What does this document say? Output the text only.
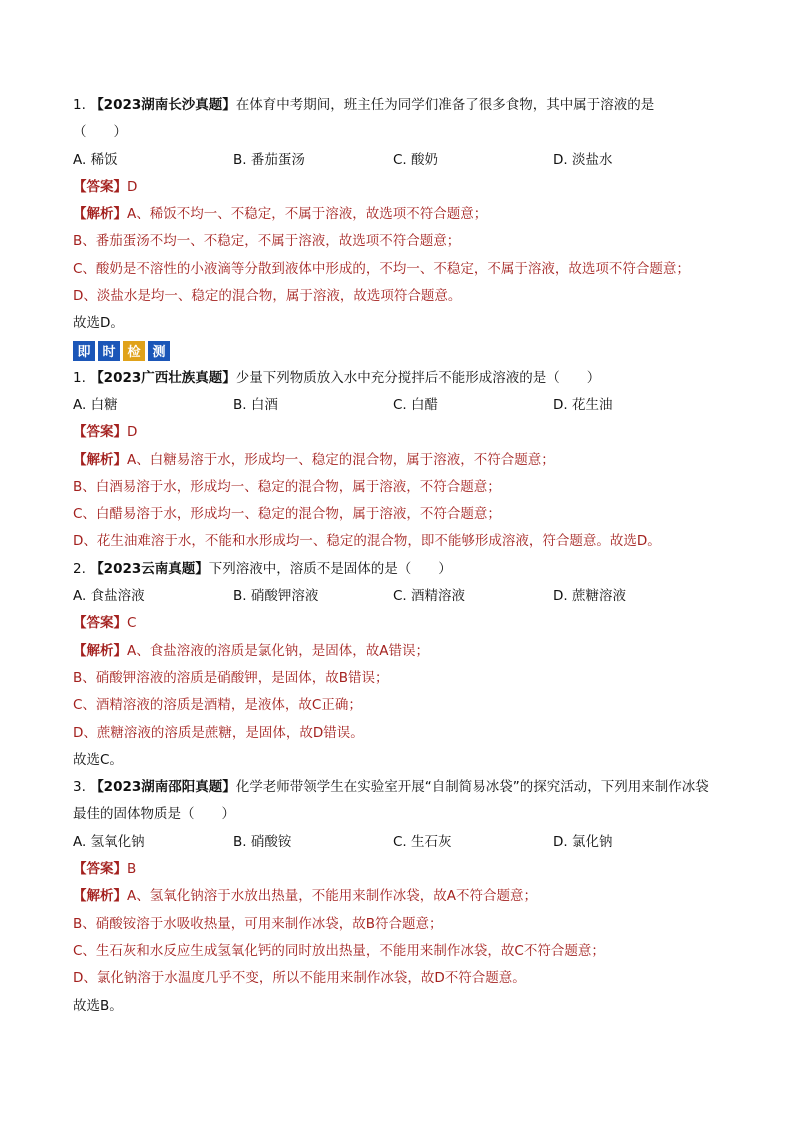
1. 【2023湖南长沙真题】在体育中考期间，班主任为同学们准备了很多食物，其中属于溶液的是
（　　）
A. 稀饭	B. 番茄蛋汤	C. 酸奶	D. 淡盐水
【答案】D
【解析】A、稀饭不均一、不稳定，不属于溶液，故选项不符合题意；
B、番茄蛋汤不均一、不稳定，不属于溶液，故选项不符合题意；
C、酸奶是不溶性的小液滴等分散到液体中形成的，不均一、不稳定，不属于溶液，故选项不符合题意；
D、淡盐水是均一、稳定的混合物，属于溶液，故选项符合题意。
故选D。
即 时 检 测
1. 【2023广西壮族真题】少量下列物质放入水中充分搅拌后不能形成溶液的是（　　）
A. 白糖	B. 白酒	C. 白醋	D. 花生油
【答案】D
【解析】A、白糖易溶于水，形成均一、稳定的混合物，属于溶液，不符合题意；
B、白酒易溶于水，形成均一、稳定的混合物，属于溶液，不符合题意；
C、白醋易溶于水，形成均一、稳定的混合物，属于溶液，不符合题意；
D、花生油难溶于水，不能和水形成均一、稳定的混合物，即不能够形成溶液，符合题意。故选D。
2. 【2023云南真题】下列溶液中，溶质不是固体的是（　　）
A. 食盐溶液	B. 硝酸钾溶液	C. 酒精溶液	D. 蔗糖溶液
【答案】C
【解析】A、食盐溶液的溶质是氯化钠，是固体，故A错误；
B、硝酸钾溶液的溶质是硝酸钾，是固体，故B错误；
C、酒精溶液的溶质是酒精，是液体，故C正确；
D、蔗糖溶液的溶质是蔗糖，是固体，故D错误。
故选C。
3. 【2023湖南邵阳真题】化学老师带领学生在实验室开展“自制简易冰袋”的探究活动，下列用来制作冰袋
最佳的固体物质是（　　）
A. 氢氧化钠	B. 硝酸铵	C. 生石灰	D. 氯化钠
【答案】B
【解析】A、氢氧化钠溶于水放出热量，不能用来制作冰袋，故A不符合题意；
B、硝酸铵溶于水吸收热量，可用来制作冰袋，故B符合题意；
C、生石灰和水反应生成氢氧化钙的同时放出热量，不能用来制作冰袋，故C不符合题意；
D、氯化钠溶于水温度几乎不变，所以不能用来制作冰袋，故D不符合题意。
故选B。
